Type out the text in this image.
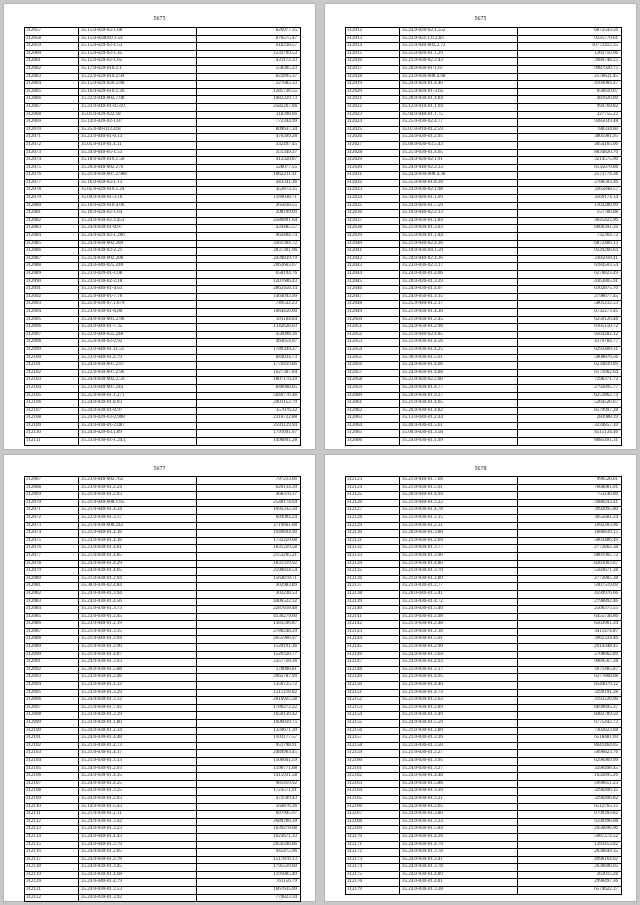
5675
312057	35.15.0-020-02-1.68	826977.35
312058	35.15.0-020010.1.54	870575.47
312059	35.15.0-020-02-1.53	618238.57
312060	35.15.0-020-02-1.45	1232799.53
312061	35.15.0-020-02-1.65	431172.33
312062	35.17.0-020-010.2.1	558305.23
312063	35.22.0-020-010.2.94	822895.37
312064	35.15.0-020-020.2.88	227685.33
312065	35.16.0-020-010.1.26	1285736.55
312066	35.22.0-040-002.7.08	1082329.73
312067	35.23.0-040-01-0.519	2582267.66
312068	35.01.0-020-022.18	318398.66
312069	35.14.0-020-02-1.87	772344.99
312070	35.25.0-40-013.418	809637.34
312071	35.23.0-040-01-0.13	476399.28
312072	35.05.0-010-01.4.11	332497.45
312073	35.24.0-040-05-1.53	351349.37
312074	35.18.0-020-010.1.56	412320.87
312075	35.20.0-040-002.276	528077.55
312076	35.21.0-030-007.2.986	1862211.41
312077	35.16.0-020-02-1.13	443341.36
312078	35.05.0-020-010.1.24	452873.35
312079	35.04.0-030-01-3.16	1169038.71
312080	35.10.0-020-010.4.06	265838.55
312081	35.10.0-020-02-1.64	298199.09
312082	35.24.0-030-02.3.453	2586891.64
312083	35.24.0-030-01-0.97	434485.57
312084	35.24.0-020-02-1.206	964404.74
312085	35.24.0-030-002.289	3361364.72
312086	35.23.0-030-02-2.21	2837301.96
312087	35.25.0-030-002.208	2439839.79
312088	35.24.0-040-025.240	2063663.67
312089	35.23.0-020-01-1.08	658194.76
312090	35.23.0-030-02-2.18	1207606.43
312091	35.23.0-040-01-4.63	2862458.14
312092	35.25.0-040-01-7.76	1464093.99
312093	35.25.0-030-07.1.679	749532.23
312094	35.23.0-030-01-6.80	1064456.00
312095	35.24.0-030-001.2.96	391164.84
312096	35.24.0-040-01-7.35	1342628.03
312097	35.22.0-040-025.248	456098.36
312098	35.25.0-030-02-2.92	464654.07
312099	35.23.0-040-01.11.51	1780349.27
312100	35.23.0-040-01.2.79	844034.73
312101	35.24.0-030-007.2.67	1770439.86
312102	35.22.0-030-007.2.96	1627367.84
312103	35.24.0-030-002.2.59	1807170.29
312104	35.23.0-040-007.244	848008.05
312105	35.25.0-030-01.1.271	5046776.48
312106	35.24.0-030-01.8.93	2401152.79
312107	35.24.0-030-01-0.97	357076.22
312108	35.24.0-020-03-2.908	2316722.88
312109	35.24.0-030-01-2.087	2591129.94
312110	35.24.0-020-03.1.89	1791091.67
312111	35.23.0-030-01-1.24.1	1496891.28
5675
312012	35.24.0-020-02.1.552	6872543.56
312013	35.23.0-021.1.0.2.83	9225770.61
312014	35.21.0-040-002.2.72	10772412.35
312015	35.25.0-020-01.1.29	1363750.96
312016	35.21.0-030-02.2.43	3989748.23
312017	35.20.0-030-01-1.67	9987920.73
312018	35.23.0-030-008.4.98	2578631.45
312019	35.24.0-020-01.4.40	4104984.47
312020	35.25.0-020-01-3.65	950610.07
312021	35.20.0-030-01.4.84	481620.89
312022	35.12.0-010-01.1.94	994769.82
312023	35.94.0-040-01.1.75	327755.22
312024	35.25.0-030-02.4.77	9385039.48
312025	35.07.0-010-01.2.59	788334.60
312026	35.24.0-030-01.2.95	3805981.95
312027	35.06.0-030-03.5.43	3054165.06
312028	35.25.0-030-01.4.65	8034820.70
312029	35.24.0-020-02.1.91	3214575.90
312030	35.24.0-040-02.2.33	6135070.88
312031	35.24.0-030-008.4.38	2573774.38
312032	35.25.0-030-01.8.38	2788503.36
312033	35.24.0-030-02.1.98	3265848.57
312034	35.34.0-020-01.1.09	3569174.14
312035	35.24.0-020-01.7.59	1103280.99
312036	35.10.0-040-02.2.13	157786.88
312037	35.24.0-050-01.1.84	3025422.96
312038	35.21.0-030-01.3.03	6666391.26
312039	35.25.0-030-01.1.84	732364.72
312040	35.21.0-040-02.4.36	6872486.13
312041	35.10.0-030-04.1.50	9229266.64
312042	35.24.0-040-02.4.36	3385018.41
312043	35.23.0-030-02.3.17	6184503.54
312044	35.24.0-030-01.4.06	6278823.49
312045	35.20.0-020-01.3.39	4363805.91
312046	35.24.0-030-01.4.07	6102875.70
312047	35.24.0-050-01.3.15	2798677.45
312048	35.25.0-040-01.2.17	5801232.53
312049	35.21.0-030-01.4.30	6732273.45
312050	35.21.0-030-01.2.45	6256126.48
312051	35.24.0-050-01.2.98	6105150.72
312052	35.21.0-040-02.4.85	9564282.12
312053	35.21.0-030-01.4.56	4379784.77
312054	35.21.0-030-01.4.25	6293489.31
312055	35.30.0-030-01.5.91	5808876.56
312056	35.24.0-020-01.4.66	6234839.69
312057	35.24.0-020-01.4.88	6171062.64
312058	35.23.0-020-02.2.60	7298371.72
312059	35.24.0-030-01.4.77	2795895.77
312060	35.20.0-030-01.9.27	6253862.74
312061	35.21.0-030-01.4.65	5264526.67
312062	35.20.0-030-01.4.82	8579997.28
312063	35.13.0-040-01.2.44	283988.19
312064	35.40.0-030-01.5.61	3234857.10
312065	35.00.0-030-01.3.58	4515134.46
312066	35.24.0-030-01.1.99	8085491.31
5677
312067	35.23.0-040-002.762	797213.66
312068	35.23.0-030-01.2.24	626134.39
312069	35.21.0-030-01.2.93	468376.37
312070	35.21.0-040-008.1.65	2548174.64
312071	35.21.0-040-01.4.34	1095332.50
312072	35.22.0-030-01.3.17	694904.24
312073	35.21.0-030-008.242	2719661.68
312074	35.21.0-040-01.4.16	1946694.90
312075	35.23.0-030-01.4.16	1732250.68
312076	35.23.0-030-01.4.81	1831229.58
312077	35.21.0-030-01.4.85	2153295.21
312078	35.24.0-030-01.4.29	1831319.92
312079	35.24.0-030-01.4.65	2590824.54
312080	35.21.0-030-01.2.94	1564878.71
312081	35.38.0-030-02.4.84	302983.89
312082	35.24.0-030-01.3.94	302238.53
312083	35.24.0-030-01.4.56	4406522.32
312084	35.25.0-030-01.3.73	2287618.48
312085	35.23.0-030-01.2.45	4130279.60
312086	35.23.0-040-01.2.19	1183596.87
312087	35.21.0-030-01.3.15	2780248.29
312088	35.21.0-040-01.3.94	2655966.97
312089	35.21.0-030-01.2.90	1120191.36
312090	35.21.0-030-01.4.87	1520320.77
312091	35.24.0-030-01.3.93	2357720.36
312092	35.20.0-030-01.5.88	378006.81
312093	35.23.0-030-01.2.46	3963787.99
312094	35.23.0-030-01.4.32	1356725.72
312095	35.23.0-030-01.3.29	1215118.82
312096	35.24.0-030-01.3.12	2016925.58
312097	35.21.0-030-01.7.92	1780272.22
312098	35.23.0-030-01.2.39	1650139.42
312099	35.23.0-030-01.1.80	1696839.75
312100	35.24.0-030-01.2.34	1334671.39
312101	35.24.0-030-01.4.48	1103177.57
312102	35.21.0-030-01.4.73	951798.91
312103	35.21.0-030-01.4.17	2484963.45
312104	35.21.0-030-01.3.13	1106661.59
312105	35.24.0-030-01.2.93	1196771.68
312106	35.24.0-030-01.4.35	1415931.58
312107	35.24.0-030-01.4.25	981419.92
312108	35.24.0-030-01.3.25	1723571.91
312109	35.24.0-030-01.2.93	472599.43
312110	35.14.0-030-01.5.43	564876.36
312111	35.21.0-030-01.2.11	697995.97
312112	35.24.0-030-01.3.42	2689206.39
312113	35.24.0-030-01.3.23	1639278.68
312114	35.24.0-040-01.4.43	1023671.33
312115	35.24.0-040-01.3.79	2656348.86
312116	35.24.0-030-01.2.65	945475.96
312117	35.24.0-030-01.2.78	1517876.13
312118	35.24.0-030-01.3.45	1795519.60
312119	35.24.0-030-01.4.68	1191885.49
312120	35.24.0-040-01.4.79	761156.79
312121	35.24.0-030-01.3.53	1667635.09
312122	35.24.0-030-01.3.92	770823.34
5678
312123	35.21.0-040-01.7.66	996526.61
312124	35.21.0-030-01.5.91	7668081.61
312125	35.20.0-040-01.4.94	751146.89
312126	35.21.0-040-01.3.22	3488243.41
312127	35.21.0-030-01.4.78	3992895.80
312128	35.21.0-030-01.3.15	3055681.24
312129	35.21.0-030-01.2.31	1092303.96
312130	35.20.0-030-01.3.80	1886839.13
312131	35.21.0-030-01.2.69	5803486.49
312132	35.21.0-030-01.3.77	2772862.38
312133	35.21.0-030-01.3.90	8801965.72
312134	35.21.0-030-01.4.80	8261003.67
312135	35.21.0-030-01.3.70	5583671.28
312136	35.21.0-030-01.2.80	2772805.38
312137	35.21.0-030-01.2.77	5907519.69
312138	35.20.0-040-01.5.41	4599976.66
312139	35.21.0-030-01.4.72	2798892.46
312140	35.24.0-030-01.5.40	2566375.55
312141	35.21.0-030-01.2.98	6455738.86
312142	35.21.0-030-01.2.48	6563961.34
312143	35.21.0-030-01.2.18	3411474.87
312144	35.21.0-030-01.5.91	3962334.46
312145	35.21.0-030-01.2.90	2914348.45
312146	35.24.0-030-01.3.64	2708862.89
312147	35.24.0-030-01.4.93	9989567.28
312148	35.21.0-030-01.3.17	3971485.87
312149	35.21.0-030-01.4.95	6277868.68
312150	35.21.0-030-01.4.40	8544079.12
312151	35.21.0-030-01.4.74	3299191.28
312152	35.21.0-030-01.2.63	3193226.96
312153	35.21.0-030-01.2.89	6699695.37
312154	35.21.0-030-01.3.49	8482789.50
312155	35.24.0-030-01.5.59	6775442.73
312156	35.21.0-030-01.2.80	7302823.68
312157	35.21.0-030-01.3.16	6518481.69
312158	35.21.0-030-01.3.50	8641464.05
312159	35.21.0-030-01.2.27	5696823.76
312160	35.24.0-030-01.3.95	6296969.99
312161	35.24.0-030-01.3.27	3296498.45
312162	35.24.0-030-01.4.48	1632895.26
312163	35.24.0-030-01.5.86	5996651.23
312164	35.24.0-030-01.3.39	3296496.15
312165	35.24.0-030-01.3.21	3296496.82
312166	35.24.0-030-01.2.65	6512765.15
312167	35.24.0-030-01.3.80	6799393.82
312168	35.24.0-030-01.3.24	6590496.88
312169	35.21.0-030-01.5.84	2656696.90
312170	35.24.0-030-01.4.26	5987272.52
312171	35.24.0-030-01.4.79	1393453.82
312172	35.24.0-030-01.3.78	2636649.35
312173	35.24.0-030-01.3.41	4996164.62
312174	35.24.0-030-01.3.78	2636696.05
312175	35.24.0-030-01.4.89	263015.28
312176	35.24.0-030-01.4.81	2998497.36
312179	35.24.0-030-01.3.28	6574622.37
